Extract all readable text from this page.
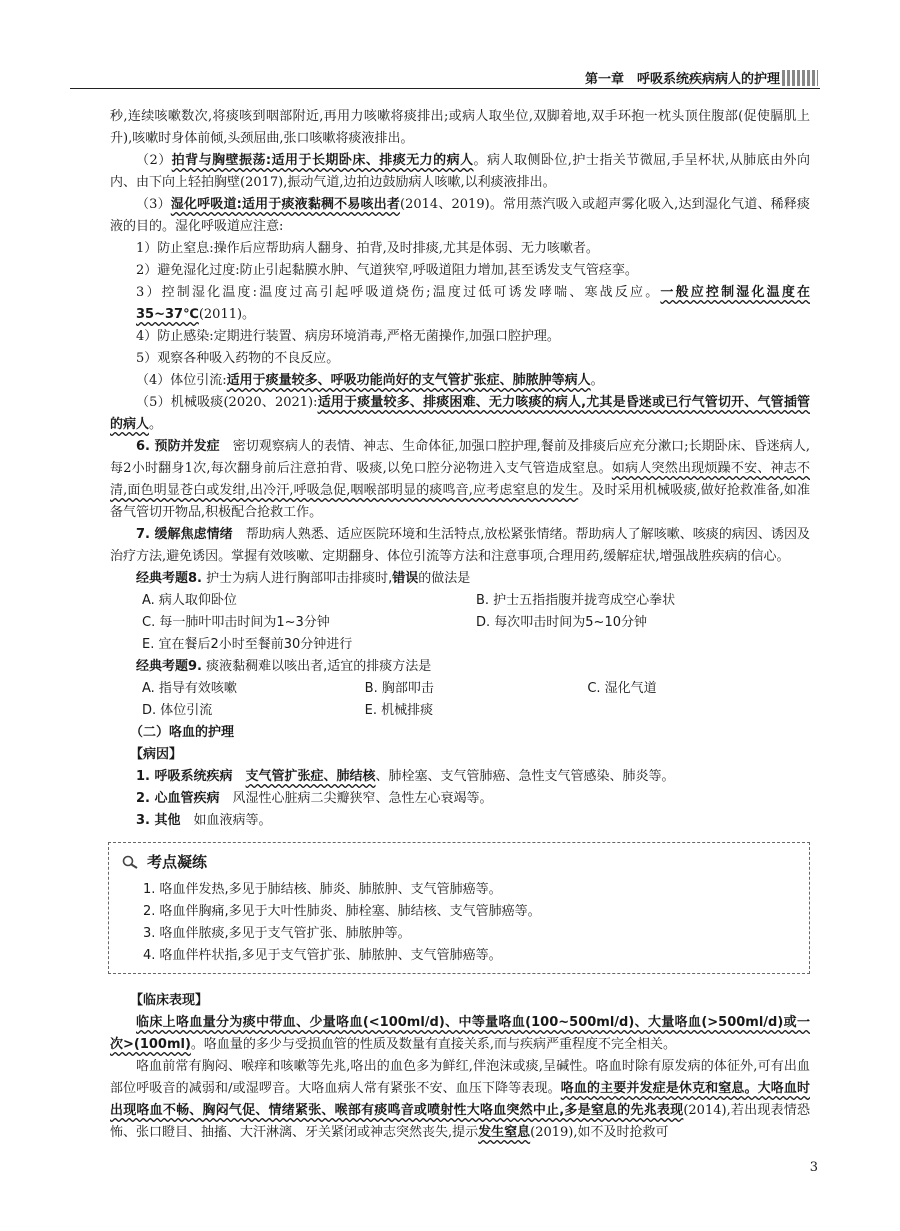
第一章　呼吸系统疾病病人的护理

秒,连续咳嗽数次,将痰咳到咽部附近,再用力咳嗽将痰排出;或病人取坐位,双脚着地,双手环抱一枕头顶住腹部(促使膈肌上升),咳嗽时身体前倾,头颈屈曲,张口咳嗽将痰液排出。

（2）拍背与胸壁振荡:适用于长期卧床、排痰无力的病人。病人取侧卧位,护士指关节微屈,手呈杯状,从肺底由外向内、由下向上轻拍胸壁(2017),振动气道,边拍边鼓励病人咳嗽,以利痰液排出。

（3）湿化呼吸道:适用于痰液黏稠不易咳出者(2014、2019)。常用蒸汽吸入或超声雾化吸入,达到湿化气道、稀释痰液的目的。湿化呼吸道应注意:

1）防止窒息:操作后应帮助病人翻身、拍背,及时排痰,尤其是体弱、无力咳嗽者。

2）避免湿化过度:防止引起黏膜水肿、气道狭窄,呼吸道阻力增加,甚至诱发支气管痉挛。

3）控制湿化温度:温度过高引起呼吸道烧伤;温度过低可诱发哮喘、寒战反应。一般应控制湿化温度在35~37℃(2011)。

4）防止感染:定期进行装置、病房环境消毒,严格无菌操作,加强口腔护理。

5）观察各种吸入药物的不良反应。

（4）体位引流:适用于痰量较多、呼吸功能尚好的支气管扩张症、肺脓肿等病人。

（5）机械吸痰(2020、2021):适用于痰量较多、排痰困难、无力咳痰的病人,尤其是昏迷或已行气管切开、气管插管的病人。

6. 预防并发症　密切观察病人的表情、神志、生命体征,加强口腔护理,餐前及排痰后应充分漱口;长期卧床、昏迷病人,每2小时翻身1次,每次翻身前后注意拍背、吸痰,以免口腔分泌物进入支气管造成窒息。如病人突然出现烦躁不安、神志不清,面色明显苍白或发绀,出冷汗,呼吸急促,咽喉部明显的痰鸣音,应考虑窒息的发生。及时采用机械吸痰,做好抢救准备,如准备气管切开物品,积极配合抢救工作。

7. 缓解焦虑情绪　帮助病人熟悉、适应医院环境和生活特点,放松紧张情绪。帮助病人了解咳嗽、咳痰的病因、诱因及治疗方法,避免诱因。掌握有效咳嗽、定期翻身、体位引流等方法和注意事项,合理用药,缓解症状,增强战胜疾病的信心。

经典考题8. 护士为病人进行胸部叩击排痰时,错误的做法是

A. 病人取仰卧位	B. 护士五指指腹并拢弯成空心拳状
C. 每一肺叶叩击时间为1~3分钟	D. 每次叩击时间为5~10分钟
E. 宜在餐后2小时至餐前30分钟进行

经典考题9. 痰液黏稠难以咳出者,适宜的排痰方法是

A. 指导有效咳嗽	B. 胸部叩击	C. 湿化气道
D. 体位引流	E. 机械排痰

（二）咯血的护理

【病因】

1. 呼吸系统疾病　 支气管扩张症、肺结核、肺栓塞、支气管肺癌、急性支气管感染、肺炎等。

2. 心血管疾病　风湿性心脏病二尖瓣狭窄、急性左心衰竭等。

3. 其他　如血液病等。

考点凝练
1. 咯血伴发热,多见于肺结核、肺炎、肺脓肿、支气管肺癌等。
2. 咯血伴胸痛,多见于大叶性肺炎、肺栓塞、肺结核、支气管肺癌等。
3. 咯血伴脓痰,多见于支气管扩张、肺脓肿等。
4. 咯血伴杵状指,多见于支气管扩张、肺脓肿、支气管肺癌等。

【临床表现】

临床上咯血量分为痰中带血、少量咯血(<100ml/d)、中等量咯血(100~500ml/d)、大量咯血(>500ml/d)或一次>(100ml)。咯血量的多少与受损血管的性质及数量有直接关系,而与疾病严重程度不完全相关。

咯血前常有胸闷、喉痒和咳嗽等先兆,咯出的血色多为鲜红,伴泡沫或痰,呈碱性。咯血时除有原发病的体征外,可有出血部位呼吸音的减弱和/或湿啰音。大咯血病人常有紧张不安、血压下降等表现。咯血的主要并发症是休克和窒息。大咯血时出现咯血不畅、胸闷气促、情绪紧张、喉部有痰鸣音或喷射性大咯血突然中止,多是窒息的先兆表现(2014),若出现表情恐怖、张口瞪目、抽搐、大汗淋漓、牙关紧闭或神志突然丧失,提示发生窒息(2019),如不及时抢救可

3
